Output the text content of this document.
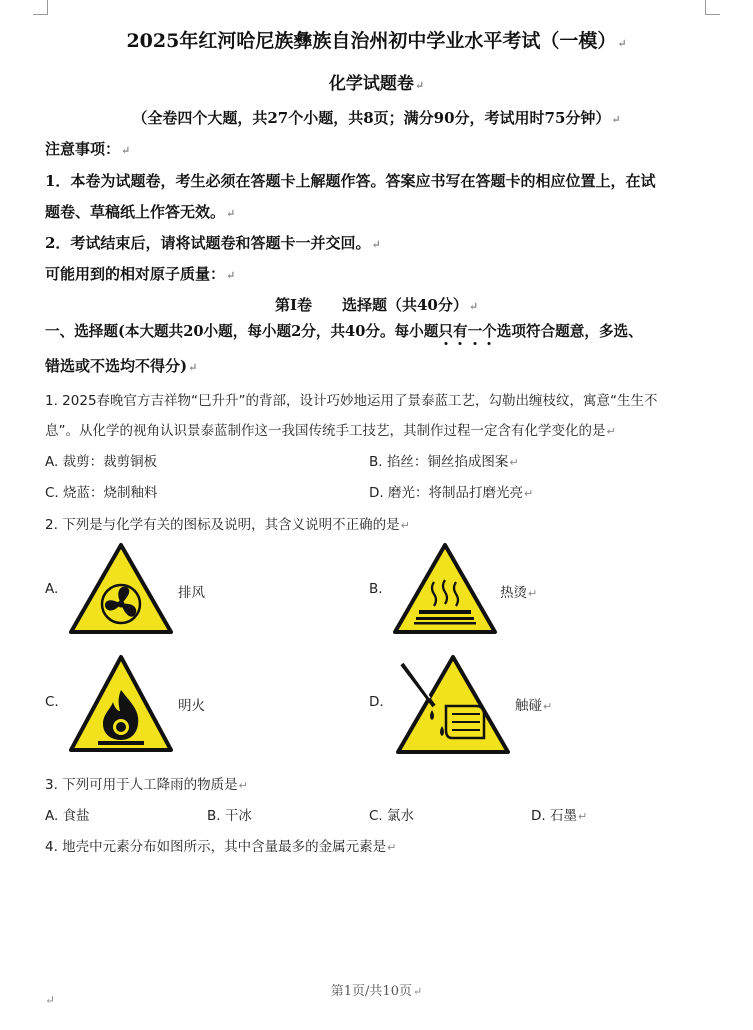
2025年红河哈尼族彝族自治州初中学业水平考试（一模）↵
化学试题卷↵
（全卷四个大题，共27个小题，共8页；满分90分，考试用时75分钟）↵
注意事项：↵
1．本卷为试题卷，考生必须在答题卡上解题作答。答案应书写在答题卡的相应位置上，在试
题卷、草稿纸上作答无效。↵
2．考试结束后，请将试题卷和答题卡一并交回。↵
可能用到的相对原子质量：↵
第Ⅰ卷　　选择题（共40分）↵
一、选择题(本大题共20小题，每小题2分，共40分。每小题只有一个选项符合题意，多选、
错选或不选均不得分)↵
1. 2025春晚官方吉祥物“巳升升”的背部，设计巧妙地运用了景泰蓝工艺，勾勒出缠枝纹，寓意“生生不
息”。从化学的视角认识景泰蓝制作这一我国传统手工技艺，其制作过程一定含有化学变化的是↵
A. 裁剪：裁剪铜板	B. 掐丝：铜丝掐成图案↵
C. 烧蓝：烧制釉料	D. 磨光：将制品打磨光亮↵
2. 下列是与化学有关的图标及说明，其含义说明不正确的是↵
A.	排风	B.	热烫↵
C.	明火	D.	触碰↵
3. 下列可用于人工降雨的物质是↵
A. 食盐	B. 干冰	C. 氯水	D. 石墨↵
4. 地壳中元素分布如图所示，其中含量最多的金属元素是↵
第1页/共10页↵
↵
